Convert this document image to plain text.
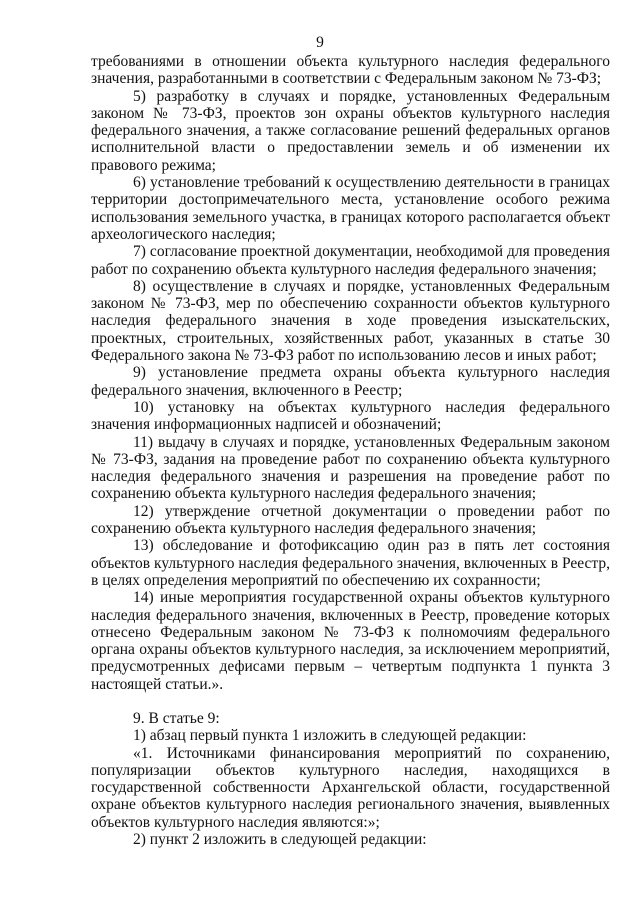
9

требованиями в отношении объекта культурного наследия федерального значения, разработанными в соответствии с Федеральным законом № 73-ФЗ;

5) разработку в случаях и порядке, установленных Федеральным законом № 73-ФЗ, проектов зон охраны объектов культурного наследия федерального значения, а также согласование решений федеральных органов исполнительной власти о предоставлении земель и об изменении их правового режима;

6) установление требований к осуществлению деятельности в границах территории достопримечательного места, установление особого режима использования земельного участка, в границах которого располагается объект археологического наследия;

7) согласование проектной документации, необходимой для проведения работ по сохранению объекта культурного наследия федерального значения;

8) осуществление в случаях и порядке, установленных Федеральным законом № 73-ФЗ, мер по обеспечению сохранности объектов культурного наследия федерального значения в ходе проведения изыскательских, проектных, строительных, хозяйственных работ, указанных в статье 30 Федерального закона № 73-ФЗ работ по использованию лесов и иных работ;

9) установление предмета охраны объекта культурного наследия федерального значения, включенного в Реестр;

10) установку на объектах культурного наследия федерального значения информационных надписей и обозначений;

11) выдачу в случаях и порядке, установленных Федеральным законом № 73-ФЗ, задания на проведение работ по сохранению объекта культурного наследия федерального значения и разрешения на проведение работ по сохранению объекта культурного наследия федерального значения;

12) утверждение отчетной документации о проведении работ по сохранению объекта культурного наследия федерального значения;

13) обследование и фотофиксацию один раз в пять лет состояния объектов культурного наследия федерального значения, включенных в Реестр, в целях определения мероприятий по обеспечению их сохранности;

14) иные мероприятия государственной охраны объектов культурного наследия федерального значения, включенных в Реестр, проведение которых отнесено Федеральным законом № 73-ФЗ к полномочиям федерального органа охраны объектов культурного наследия, за исключением мероприятий, предусмотренных дефисами первым – четвертым подпункта 1 пункта 3 настоящей статьи.».

9. В статье 9:

1) абзац первый пункта 1 изложить в следующей редакции:

«1. Источниками финансирования мероприятий по сохранению, популяризации объектов культурного наследия, находящихся в государственной собственности Архангельской области, государственной охране объектов культурного наследия регионального значения, выявленных объектов культурного наследия являются:»;

2) пункт 2 изложить в следующей редакции:
